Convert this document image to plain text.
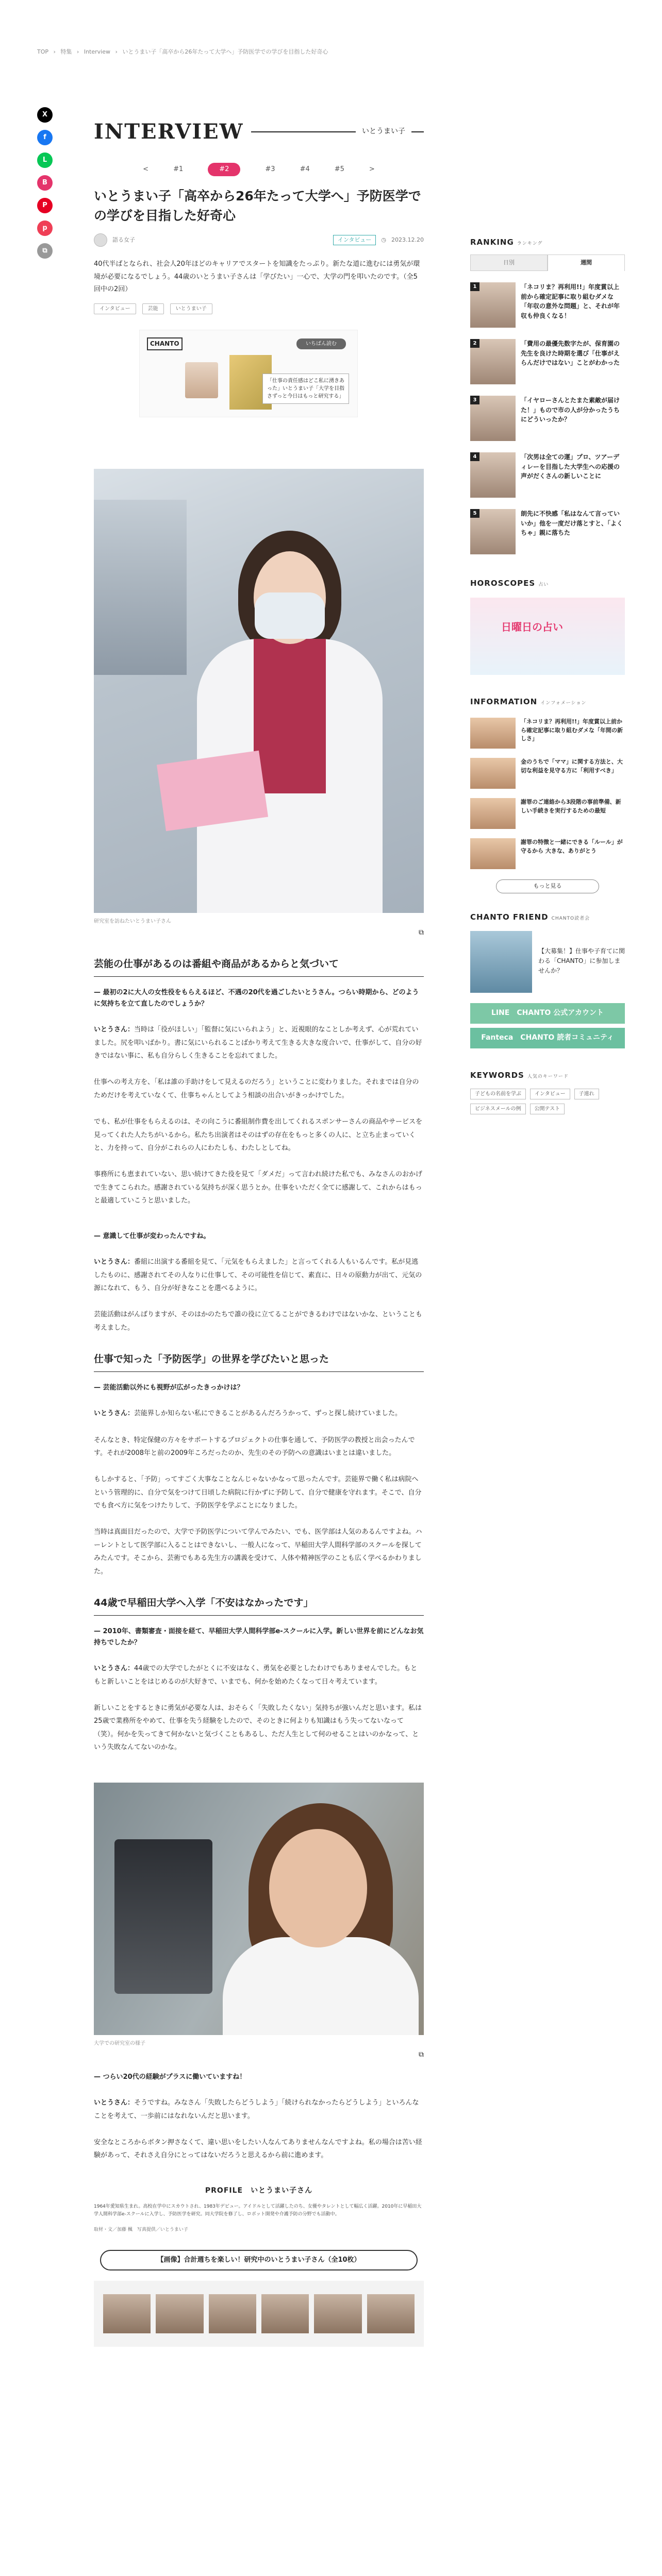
TOP › 特集 › Interview › いとうまい子「高卒から26年たって大学へ」予防医学での学びを目指した好奇心
X
f
L
B
P
p
⧉
INTERVIEW	いとうまい子
<	#1	#2	#3	#4	#5	>
いとうまい子「高卒から26年たって大学へ」予防医学での学びを目指した好奇心
語る女子	インタビュー	◷ 2023.12.20

40代半ばとなられ、社会人20年ほどのキャリアでスタートを知識をたっぷり。新たな道に進むには勇気が環境が必要になるでしょう。44歳のいとうまい子さんは「学びたい」一心で、大学の門を叩いたのです。（全5回中の2回）

インタビュー	芸能	いとうまい子
CHANTO	いちばん読む
「仕事の責任感はどこ私に湧きあった」いとうまい子「大学を目指さずっと今日はもっと研究する」
研究室を訪ねたいとうまい子さん
⧉
芸能の仕事があるのは番組や商品があるからと気づいて

— 最初の2に大人の女性役をもらえるほど、不遇の20代を過ごしたいとうさん。つらい時期から、どのように気持ちを立て直したのでしょうか？

いとうさん：当時は「役がほしい」「監督に気にいられよう」と、近視眼的なことしか考えず、心が荒れていました。尻を叩いばかり。書に気にいられることばかり考えて生きる大きな度合いで、仕事がして、自分の好きではない事に、私も自分らしく生きることを忘れてました。

仕事への考え方を、「私は誰の手助けをして見えるのだろう」ということに変わりました。それまでは自分のためだけを考えていなくて、仕事ちゃんとしてよう相談の出合いがきっかけでした。

でも、私が仕事をもらえるのは、その向こうに番組制作費を出してくれるスポンサーさんの商品やサービスを見ってくれた人たちがいるから。私たち出演者はそのはずの存在をもっと多くの人に、と立ち止まっていくと、力を持って、自分がこれらの人にわたしも、わたしとしてね。

事務所にも恵まれていない、思い続けてきた役を見て「ダメだ」って言われ続けた私でも、みなさんのおかげで生きてこられた。感謝されている気持ちが深く思うとか。仕事をいただく全てに感謝して、これからはもっと最適していこうと思いました。

— 意識して仕事が変わったんですね。

いとうさん：番組に出演する番組を見て、「元気をもらえました」と言ってくれる人もいるんです。私が見逃したものに、感謝されてその人なりに仕事して、その可能性を信じて、素直に、日々の原動力が出て、元気の源になれて、もう、自分が好きなことを選べるように。

芸能活動はがんばりますが、そのはかのたちで誰の役に立てることができるわけではないかな、ということも考えました。

仕事で知った「予防医学」の世界を学びたいと思った

— 芸能活動以外にも視野が広がったきっかけは？

いとうさん：芸能界しか知らない私にできることがあるんだろうかって、ずっと探し続けていました。

そんなとき、特定保健の方々をサポートするプロジェクトの仕事を通して、予防医学の教授と出会ったんです。それが2008年と前の2009年ころだったのか、先生のその予防への意識はいまとは違いました。

もしかすると、「予防」ってすごく大事なことなんじゃないかなって思ったんです。芸能界で働く私は病院へという管理的に、自分で気をつけて日頃した病院に行かずに予防して、自分で健康を守れます。そこで、自分でも食べ方に気をつけたりして、予防医学を学ぶことになりました。

当時は真面目だったので、大学で予防医学について学んでみたい、でも、医学部は人気のあるんですよね。ハーレントとして医学部に入ることはできないし、一般人になって、早稲田大学人間科学部のスクールを探してみたんです。そこから、芸術でもある先生方の講義を受けて、人体や精神医学のことも広く学べるかわりました。

44歳で早稲田大学へ入学「不安はなかったです」

— 2010年、書類審査・面接を経て、早稲田大学人間科学部e-スクールに入学。新しい世界を前にどんなお気持ちでしたか？

いとうさん：44歳での大学でしたがとくに不安はなく、勇気を必要としたわけでもありませんでした。もともと新しいことをはじめるのが大好きで、いまでも、何かを始めたくなって日々考えています。

新しいことをするときに勇気が必要な人は、おそらく「失敗したくない」気持ちが強いんだと思います。私は25歳で業務所をやめて、仕事を失う経験をしたので、そのときに何よりも知識はもう失ってないなって（笑）。何かを失ってきて何かないと気づくこともあるし、ただ人生として何のせることはいのかなって、という失敗なんてないのかな。

大学での研究室の様子
⧉

— つらい20代の経験がプラスに働いていますね！

いとうさん：そうですね。みなさん「失敗したらどうしよう」「続けられなかったらどうしよう」といろんなことを考えて、一歩前にはなれないんだと思います。

安全なところからボタン押さなくて、違い思いをしたい人なんてありませんなんですよね。私の場合は苦い経験があって、それさえ自分にとってはないだろうと思えるから前に進めます。

PROFILE　いとうまい子さん

1964年愛知県生まれ。高校在学中にスカウトされ、1983年デビュー。アイドルとして活躍したのち、女優やタレントとして幅広く活躍。2010年に早稲田大学人間科学部e-スクールに入学し、予防医学を研究。同大学院を修了し、ロボット開発や介護予防の分野でも活動中。

取材・文／加藤 楓　写真提供／いとうまい子

【画像】合計週ちを楽しい！研究中のいとうまい子さん（全10枚）
RANKING ランキング
日別	週間
1	「ネコリま？再利用!!」年度賞以上前から確定記事に取り組むダメな「年収の意外な問題」と、それが年収も仲良くなる！
2	「費用の最優先数字たが、保育園の先生を良けた時期を選び「仕事がえらんだけではない」ことがわかった
3	「イヤローさんとたまた素敵が届けた！」もので市の人が分かったうちにどういったか？
4	「次男は全ての運」プロ、ツアーディレーを目指した大学生への応援の声がだくさんの新しいことに
5	朗先に不快感「私はなんて言っていいか」他を一度だけ落とすと、「よくちゃ」親に落ちた
HOROSCOPES 占い
日曜日の占い
INFORMATION インフォメーション
「ネコリま？再利用!!」年度賞以上前から確定記事に取り組むダメな「年間の新しさ」
金のうちで「ママ」に関する方法と、大切な利益を見守る方に「利用すべき」
謝罪のご連絡から3段階の事前準備、新しい手続きを実行するための最短
謝罪の特徴と一緒にできる「ルール」が守るから 大きな、ありがとう
もっと見る
CHANTO FRIEND CHANTO読者会
【大募集！】仕事や子育てに関わる「CHANTO」に参加しませんか？
LINE　CHANTO 公式アカウント
Fanteca　CHANTO 読者コミュニティ
KEYWORDS 人気のキーワード
子どもの名前を学ぶ	インタビュー	子連れ
ビジネスメールの例	公開テスト
